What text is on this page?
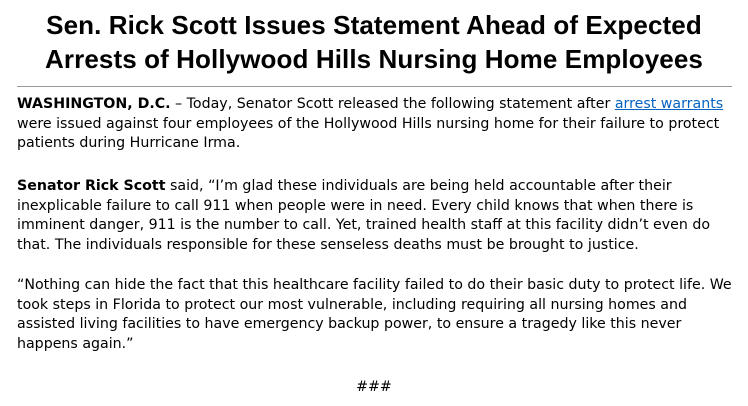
Sen. Rick Scott Issues Statement Ahead of Expected
Arrests of Hollywood Hills Nursing Home Employees

WASHINGTON, D.C. – Today, Senator Scott released the following statement after arrest warrants were issued against four employees of the Hollywood Hills nursing home for their failure to protect patients during Hurricane Irma.

Senator Rick Scott said, “I’m glad these individuals are being held accountable after their inexplicable failure to call 911 when people were in need. Every child knows that when there is imminent danger, 911 is the number to call. Yet, trained health staff at this facility didn’t even do that. The individuals responsible for these senseless deaths must be brought to justice.

“Nothing can hide the fact that this healthcare facility failed to do their basic duty to protect life. We took steps in Florida to protect our most vulnerable, including requiring all nursing homes and assisted living facilities to have emergency backup power, to ensure a tragedy like this never happens again.”

###
